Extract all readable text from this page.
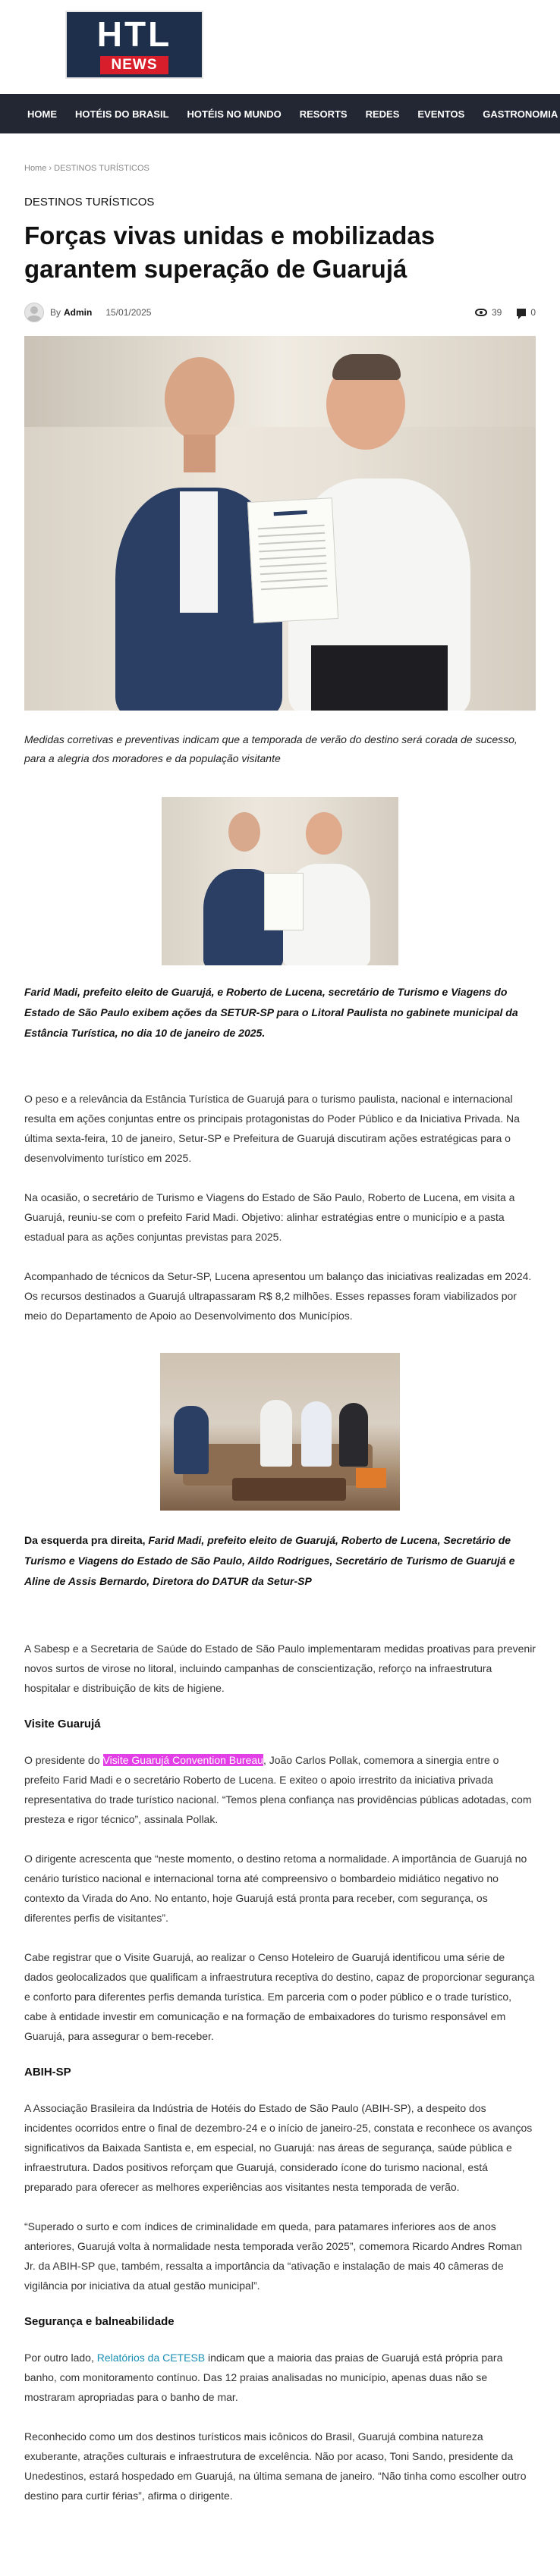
HTL
NEWS
HOME HOTÉIS DO BRASIL HOTÉIS NO MUNDO RESORTS REDES EVENTOS GASTRONOMIA
Home › DESTINOS TURÍSTICOS
DESTINOS TURÍSTICOS
Forças vivas unidas e mobilizadas garantem superação de Guarujá
By Admin 15/01/2025	39	0

Medidas corretivas e preventivas indicam que a temporada de verão do destino será corada de sucesso, para a alegria dos moradores e da população visitante

Farid Madi, prefeito eleito de Guarujá, e Roberto de Lucena, secretário de Turismo e Viagens do Estado de São Paulo exibem ações da SETUR-SP para o Litoral Paulista no gabinete municipal da Estância Turística, no dia 10 de janeiro de 2025.

O peso e a relevância da Estância Turística de Guarujá para o turismo paulista, nacional e internacional resulta em ações conjuntas entre os principais protagonistas do Poder Público e da Iniciativa Privada. Na última sexta-feira, 10 de janeiro, Setur-SP e Prefeitura de Guarujá discutiram ações estratégicas para o desenvolvimento turístico em 2025.

Na ocasião, o secretário de Turismo e Viagens do Estado de São Paulo, Roberto de Lucena, em visita a Guarujá, reuniu-se com o prefeito Farid Madi. Objetivo: alinhar estratégias entre o município e a pasta estadual para as ações conjuntas previstas para 2025.

Acompanhado de técnicos da Setur-SP, Lucena apresentou um balanço das iniciativas realizadas em 2024. Os recursos destinados a Guarujá ultrapassaram R$ 8,2 milhões. Esses repasses foram viabilizados por meio do Departamento de Apoio ao Desenvolvimento dos Municípios.

Da esquerda pra direita, Farid Madi, prefeito eleito de Guarujá, Roberto de Lucena, Secretário de Turismo e Viagens do Estado de São Paulo, Aildo Rodrigues, Secretário de Turismo de Guarujá e Aline de Assis Bernardo, Diretora do DATUR da Setur-SP

A Sabesp e a Secretaria de Saúde do Estado de São Paulo implementaram medidas proativas para prevenir novos surtos de virose no litoral, incluindo campanhas de conscientização, reforço na infraestrutura hospitalar e distribuição de kits de higiene.

Visite Guarujá

O presidente do Visite Guarujá Convention Bureau, João Carlos Pollak, comemora a sinergia entre o prefeito Farid Madi e o secretário Roberto de Lucena. E exiteo o apoio irrestrito da iniciativa privada representativa do trade turístico nacional. “Temos plena confiança nas providências públicas adotadas, com presteza e rigor técnico”, assinala Pollak.

O dirigente acrescenta que “neste momento, o destino retoma a normalidade. A importância de Guarujá no cenário turístico nacional e internacional torna até compreensivo o bombardeio midiático negativo no contexto da Virada do Ano. No entanto, hoje Guarujá está pronta para receber, com segurança, os diferentes perfis de visitantes”.

Cabe registrar que o Visite Guarujá, ao realizar o Censo Hoteleiro de Guarujá identificou uma série de dados geolocalizados que qualificam a infraestrutura receptiva do destino, capaz de proporcionar segurança e conforto para diferentes perfis demanda turística. Em parceria com o poder público e o trade turístico, cabe à entidade investir em comunicação e na formação de embaixadores do turismo responsável em Guarujá, para assegurar o bem-receber.

ABIH-SP

A Associação Brasileira da Indústria de Hotéis do Estado de São Paulo (ABIH-SP), a despeito dos incidentes ocorridos entre o final de dezembro-24 e o início de janeiro-25, constata e reconhece os avanços significativos da Baixada Santista e, em especial, no Guarujá: nas áreas de segurança, saúde pública e infraestrutura. Dados positivos reforçam que Guarujá, considerado ícone do turismo nacional, está preparado para oferecer as melhores experiências aos visitantes nesta temporada de verão.

“Superado o surto e com índices de criminalidade em queda, para patamares inferiores aos de anos anteriores, Guarujá volta à normalidade nesta temporada verão 2025”, comemora Ricardo Andres Roman Jr. da ABIH-SP que, também, ressalta a importância da “ativação e instalação de mais 40 câmeras de vigilância por iniciativa da atual gestão municipal”.

Segurança e balneabilidade

Por outro lado, Relatórios da CETESB indicam que a maioria das praias de Guarujá está própria para banho, com monitoramento contínuo. Das 12 praias analisadas no município, apenas duas não se mostraram apropriadas para o banho de mar.

Reconhecido como um dos destinos turísticos mais icônicos do Brasil, Guarujá combina natureza exuberante, atrações culturais e infraestrutura de excelência. Não por acaso, Toni Sando, presidente da Unedestinos, estará hospedado em Guarujá, na última semana de janeiro. “Não tinha como escolher outro destino para curtir férias”, afirma o dirigente.
